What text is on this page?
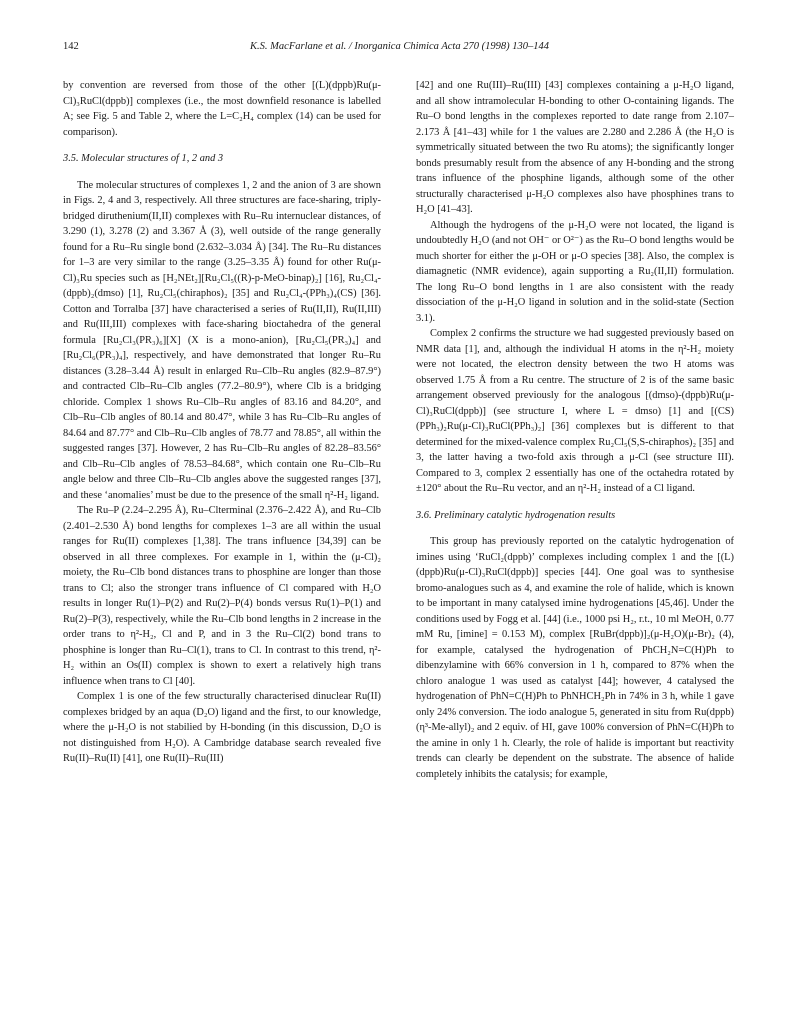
142	K.S. MacFarlane et al. / Inorganica Chimica Acta 270 (1998) 130–144

by convention are reversed from those of the other [(L)(dppb)Ru(μ-Cl)₃RuCl(dppb)] complexes (i.e., the most downfield resonance is labelled A; see Fig. 5 and Table 2, where the L=C₂H₄ complex (14) can be used for comparison).

3.5. Molecular structures of 1, 2 and 3

The molecular structures of complexes 1, 2 and the anion of 3 are shown in Figs. 2, 4 and 3, respectively. All three structures are face-sharing, triply-bridged diruthenium(II,II) complexes with Ru–Ru internuclear distances, of 3.290 (1), 3.278 (2) and 3.367 Å (3), well outside of the range generally found for a Ru–Ru single bond (2.632–3.034 Å) [34]. The Ru–Ru distances for 1–3 are very similar to the range (3.25–3.35 Å) found for other Ru(μ-Cl)₃Ru species such as [H₂NEt₂][Ru₂Cl₅((R)-p-MeO-binap)₂] [16], Ru₂Cl₄-(dppb)₂(dmso) [1], Ru₂Cl₅(chiraphos)₂ [35] and Ru₂Cl₄-(PPh₃)₄(CS) [36]. Cotton and Torralba [37] have characterised a series of Ru(II,II), Ru(II,III) and Ru(III,III) complexes with face-sharing bioctahedra of the general formula [Ru₂Cl₃(PR₃)₆][X] (X is a mono-anion), [Ru₂Cl₅(PR₃)₄] and [Ru₂Cl₆(PR₃)₄], respectively, and have demonstrated that longer Ru–Ru distances (3.28–3.44 Å) result in enlarged Ru–Clb–Ru angles (82.9–87.9°) and contracted Clb–Ru–Clb angles (77.2–80.9°), where Clb is a bridging chloride. Complex 1 shows Ru–Clb–Ru angles of 83.16 and 84.20°, and Clb–Ru–Clb angles of 80.14 and 80.47°, while 3 has Ru–Clb–Ru angles of 84.64 and 87.77° and Clb–Ru–Clb angles of 78.77 and 78.85°, all within the suggested ranges [37]. However, 2 has Ru–Clb–Ru angles of 82.28–83.56° and Clb–Ru–Clb angles of 78.53–84.68°, which contain one Ru–Clb–Ru angle below and three Clb–Ru–Clb angles above the suggested ranges [37], and these ‘anomalies’ must be due to the presence of the small η²-H₂ ligand.

The Ru–P (2.24–2.295 Å), Ru–Clterminal (2.376–2.422 Å), and Ru–Clb (2.401–2.530 Å) bond lengths for complexes 1–3 are all within the usual ranges for Ru(II) complexes [1,38]. The trans influence [34,39] can be observed in all three complexes. For example in 1, within the (μ-Cl)₂ moiety, the Ru–Clb bond distances trans to phosphine are longer than those trans to Cl; also the stronger trans influence of Cl compared with H₂O results in longer Ru(1)–P(2) and Ru(2)–P(4) bonds versus Ru(1)–P(1) and Ru(2)–P(3), respectively, while the Ru–Clb bond lengths in 2 increase in the order trans to η²-H₂, Cl and P, and in 3 the Ru–Cl(2) bond trans to phosphine is longer than Ru–Cl(1), trans to Cl. In contrast to this trend, η²-H₂ within an Os(II) complex is shown to exert a relatively high trans influence when trans to Cl [40].

Complex 1 is one of the few structurally characterised dinuclear Ru(II) complexes bridged by an aqua (D₂O) ligand and the first, to our knowledge, where the μ-H₂O is not stabilied by H-bonding (in this discussion, D₂O is not distinguished from H₂O). A Cambridge database search revealed five Ru(II)–Ru(II) [41], one Ru(II)–Ru(III)

[42] and one Ru(III)–Ru(III) [43] complexes containing a μ-H₂O ligand, and all show intramolecular H-bonding to other O-containing ligands. The Ru–O bond lengths in the complexes reported to date range from 2.107–2.173 Å [41–43] while for 1 the values are 2.280 and 2.286 Å (the H₂O is symmetrically situated between the two Ru atoms); the significantly longer bonds presumably result from the absence of any H-bonding and the strong trans influence of the phosphine ligands, although some of the other structurally characterised μ-H₂O complexes also have phosphines trans to H₂O [41–43].

Although the hydrogens of the μ-H₂O were not located, the ligand is undoubtedly H₂O (and not OH⁻ or O²⁻) as the Ru–O bond lengths would be much shorter for either the μ-OH or μ-O species [38]. Also, the complex is diamagnetic (NMR evidence), again supporting a Ru₂(II,II) formulation. The long Ru–O bond lengths in 1 are also consistent with the ready dissociation of the μ-H₂O ligand in solution and in the solid-state (Section 3.1).

Complex 2 confirms the structure we had suggested previously based on NMR data [1], and, although the individual H atoms in the η²-H₂ moiety were not located, the electron density between the two H atoms was observed 1.75 Å from a Ru centre. The structure of 2 is of the same basic arrangement observed previously for the analogous [(dmso)-(dppb)Ru(μ-Cl)₃RuCl(dppb)] (see structure I, where L = dmso) [1] and [(CS)(PPh₃)₂Ru(μ-Cl)₃RuCl(PPh₃)₂] [36] complexes but is different to that determined for the mixed-valence complex Ru₂Cl₅(S,S-chiraphos)₂ [35] and 3, the latter having a two-fold axis through a μ-Cl (see structure III). Compared to 3, complex 2 essentially has one of the octahedra rotated by ±120° about the Ru–Ru vector, and an η²-H₂ instead of a Cl ligand.

3.6. Preliminary catalytic hydrogenation results

This group has previously reported on the catalytic hydrogenation of imines using ‘RuCl₂(dppb)’ complexes including complex 1 and the [(L)(dppb)Ru(μ-Cl)₃RuCl(dppb)] species [44]. One goal was to synthesise bromo-analogues such as 4, and examine the role of halide, which is known to be important in many catalysed imine hydrogenations [45,46]. Under the conditions used by Fogg et al. [44] (i.e., 1000 psi H₂, r.t., 10 ml MeOH, 0.77 mM Ru, [imine] = 0.153 M), complex [RuBr(dppb)]₂(μ-H₂O)(μ-Br)₂ (4), for example, catalysed the hydrogenation of PhCH₂N=C(H)Ph to dibenzylamine with 66% conversion in 1 h, compared to 87% when the chloro analogue 1 was used as catalyst [44]; however, 4 catalysed the hydrogenation of PhN=C(H)Ph to PhNHCH₂Ph in 74% in 3 h, while 1 gave only 24% conversion. The iodo analogue 5, generated in situ from Ru(dppb)(η³-Me-allyl)₂ and 2 equiv. of HI, gave 100% conversion of PhN=C(H)Ph to the amine in only 1 h. Clearly, the role of halide is important but reactivity trends can clearly be dependent on the substrate. The absence of halide completely inhibits the catalysis; for example,
